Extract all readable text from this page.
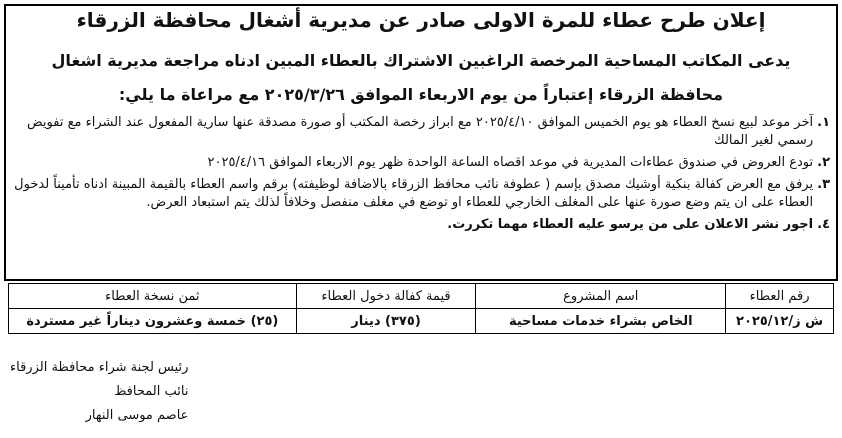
إعلان طرح عطاء للمرة الاولى صادر عن مديرية أشغال محافظة الزرقاء
يدعى المكاتب المساحية المرخصة الراغبين الاشتراك بالعطاء المبين ادناه مراجعة مديرية اشغال
محافظة الزرقاء إعتباراً من يوم الاربعاء الموافق ٢٠٢٥/٣/٢٦ مع مراعاة ما يلي:
١.
آخر موعد لبيع نسخ العطاء هو يوم الخميس الموافق ٢٠٢٥/٤/١٠ مع ابراز رخصة المكتب أو صورة مصدقة عنها سارية المفعول عند الشراء مع تفويض رسمي لغير المالك
٢.
تودع العروض في صندوق عطاءات المديرية في موعد اقصاه الساعة الواحدة ظهر يوم الاربعاء الموافق ٢٠٢٥/٤/١٦
٣.
يرفق مع العرض كفالة بنكية أوشيك مصدق بإسم ( عطوفة نائب محافظ الزرقاء بالاضافة لوظيفته) برقم واسم العطاء بالقيمة المبينة ادناه تأميناً لدخول العطاء على ان يتم وضع صورة عنها على المغلف الخارجي للعطاء او توضع في مغلف منفصل وخلافاً لذلك يتم استبعاد العرض.
٤.
اجور نشر الاعلان على من يرسو عليه العطاء مهما تكررت.
رقم العطاء	اسم المشروع	قيمة كفالة دخول العطاء	ثمن نسخة العطاء
ش ز/٢٠٢٥/١٢	الخاص بشراء خدمات مساحية	(٣٧٥) دينار	(٢٥) خمسة وعشرون ديناراً غير مستردة
رئيس لجنة شراء محافظة الزرقاء
نائب المحافظ
عاصم موسى النهار
